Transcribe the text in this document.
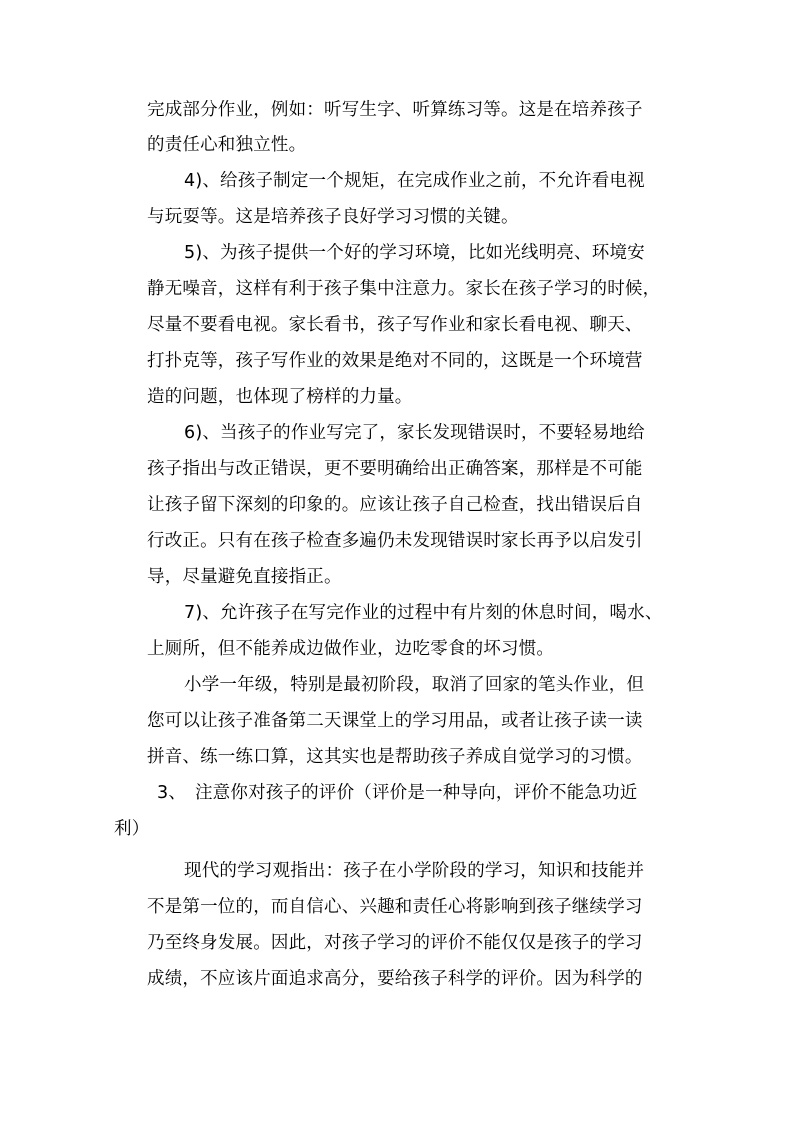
完成部分作业，例如：听写生字、听算练习等。这是在培养孩子
的责任心和独立性。
4)、给孩子制定一个规矩，在完成作业之前，不允许看电视
与玩耍等。这是培养孩子良好学习习惯的关键。
5)、为孩子提供一个好的学习环境，比如光线明亮、环境安
静无噪音，这样有利于孩子集中注意力。家长在孩子学习的时候，
尽量不要看电视。家长看书，孩子写作业和家长看电视、聊天、
打扑克等，孩子写作业的效果是绝对不同的，这既是一个环境营
造的问题，也体现了榜样的力量。
6)、当孩子的作业写完了，家长发现错误时，不要轻易地给
孩子指出与改正错误，更不要明确给出正确答案，那样是不可能
让孩子留下深刻的印象的。应该让孩子自己检查，找出错误后自
行改正。只有在孩子检查多遍仍未发现错误时家长再予以启发引
导，尽量避免直接指正。
7)、允许孩子在写完作业的过程中有片刻的休息时间，喝水、
上厕所，但不能养成边做作业，边吃零食的坏习惯。
小学一年级，特别是最初阶段，取消了回家的笔头作业，但
您可以让孩子准备第二天课堂上的学习用品，或者让孩子读一读
拼音、练一练口算，这其实也是帮助孩子养成自觉学习的习惯。
3、　注意你对孩子的评价（评价是一种导向，评价不能急功近
利）
现代的学习观指出：孩子在小学阶段的学习，知识和技能并
不是第一位的，而自信心、兴趣和责任心将影响到孩子继续学习
乃至终身发展。因此，对孩子学习的评价不能仅仅是孩子的学习
成绩，不应该片面追求高分，要给孩子科学的评价。因为科学的
